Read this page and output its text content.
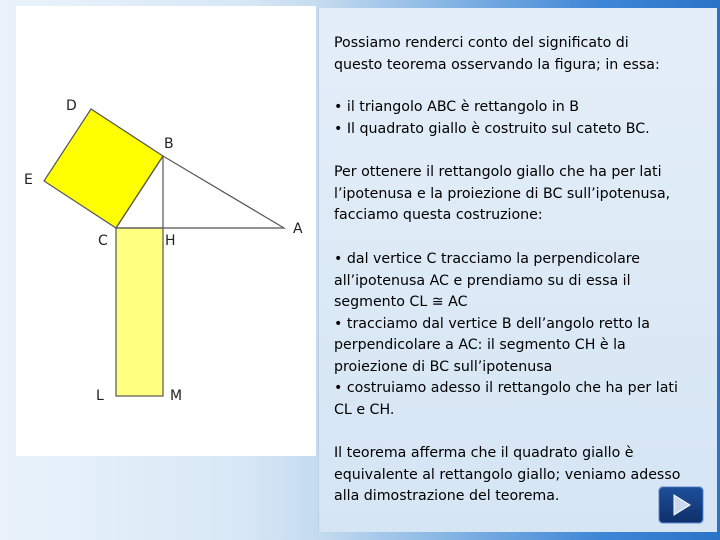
D
B
E
C	H
A
L	M

Possiamo renderci conto del significato di

questo teorema osservando la figura; in essa:

• il triangolo ABC è rettangolo in B

• Il quadrato giallo è costruito sul cateto BC.

Per ottenere il rettangolo giallo che ha per lati

l’ipotenusa e la proiezione di BC sull’ipotenusa,

facciamo questa costruzione:

• dal vertice C tracciamo la perpendicolare

all’ipotenusa AC e prendiamo su di essa il

segmento CL ≅ AC

• tracciamo dal vertice B dell’angolo retto la

perpendicolare a AC: il segmento CH è la

proiezione di BC sull’ipotenusa

• costruiamo adesso il rettangolo che ha per lati

CL e CH.

Il teorema afferma che il quadrato giallo è

equivalente al rettangolo giallo; veniamo adesso

alla dimostrazione del teorema.
